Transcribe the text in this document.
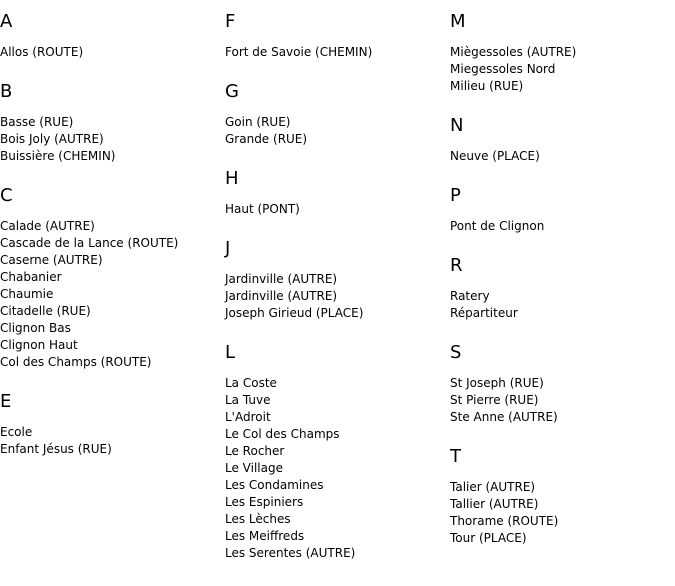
A
Allos (ROUTE)
B
Basse (RUE)
Bois Joly (AUTRE)
Buissière (CHEMIN)
C
Calade (AUTRE)
Cascade de la Lance (ROUTE)
Caserne (AUTRE)
Chabanier
Chaumie
Citadelle (RUE)
Clignon Bas
Clignon Haut
Col des Champs (ROUTE)
E
Ecole
Enfant Jésus (RUE)
F
Fort de Savoie (CHEMIN)
G
Goin (RUE)
Grande (RUE)
H
Haut (PONT)
J
Jardinville (AUTRE)
Jardinville (AUTRE)
Joseph Girieud (PLACE)
L
La Coste
La Tuve
L'Adroit
Le Col des Champs
Le Rocher
Le Village
Les Condamines
Les Espiniers
Les Lèches
Les Meiffreds
Les Serentes (AUTRE)
M
Miègessoles (AUTRE)
Miegessoles Nord
Milieu (RUE)
N
Neuve (PLACE)
P
Pont de Clignon
R
Ratery
Répartiteur
S
St Joseph (RUE)
St Pierre (RUE)
Ste Anne (AUTRE)
T
Talier (AUTRE)
Tallier (AUTRE)
Thorame (ROUTE)
Tour (PLACE)
